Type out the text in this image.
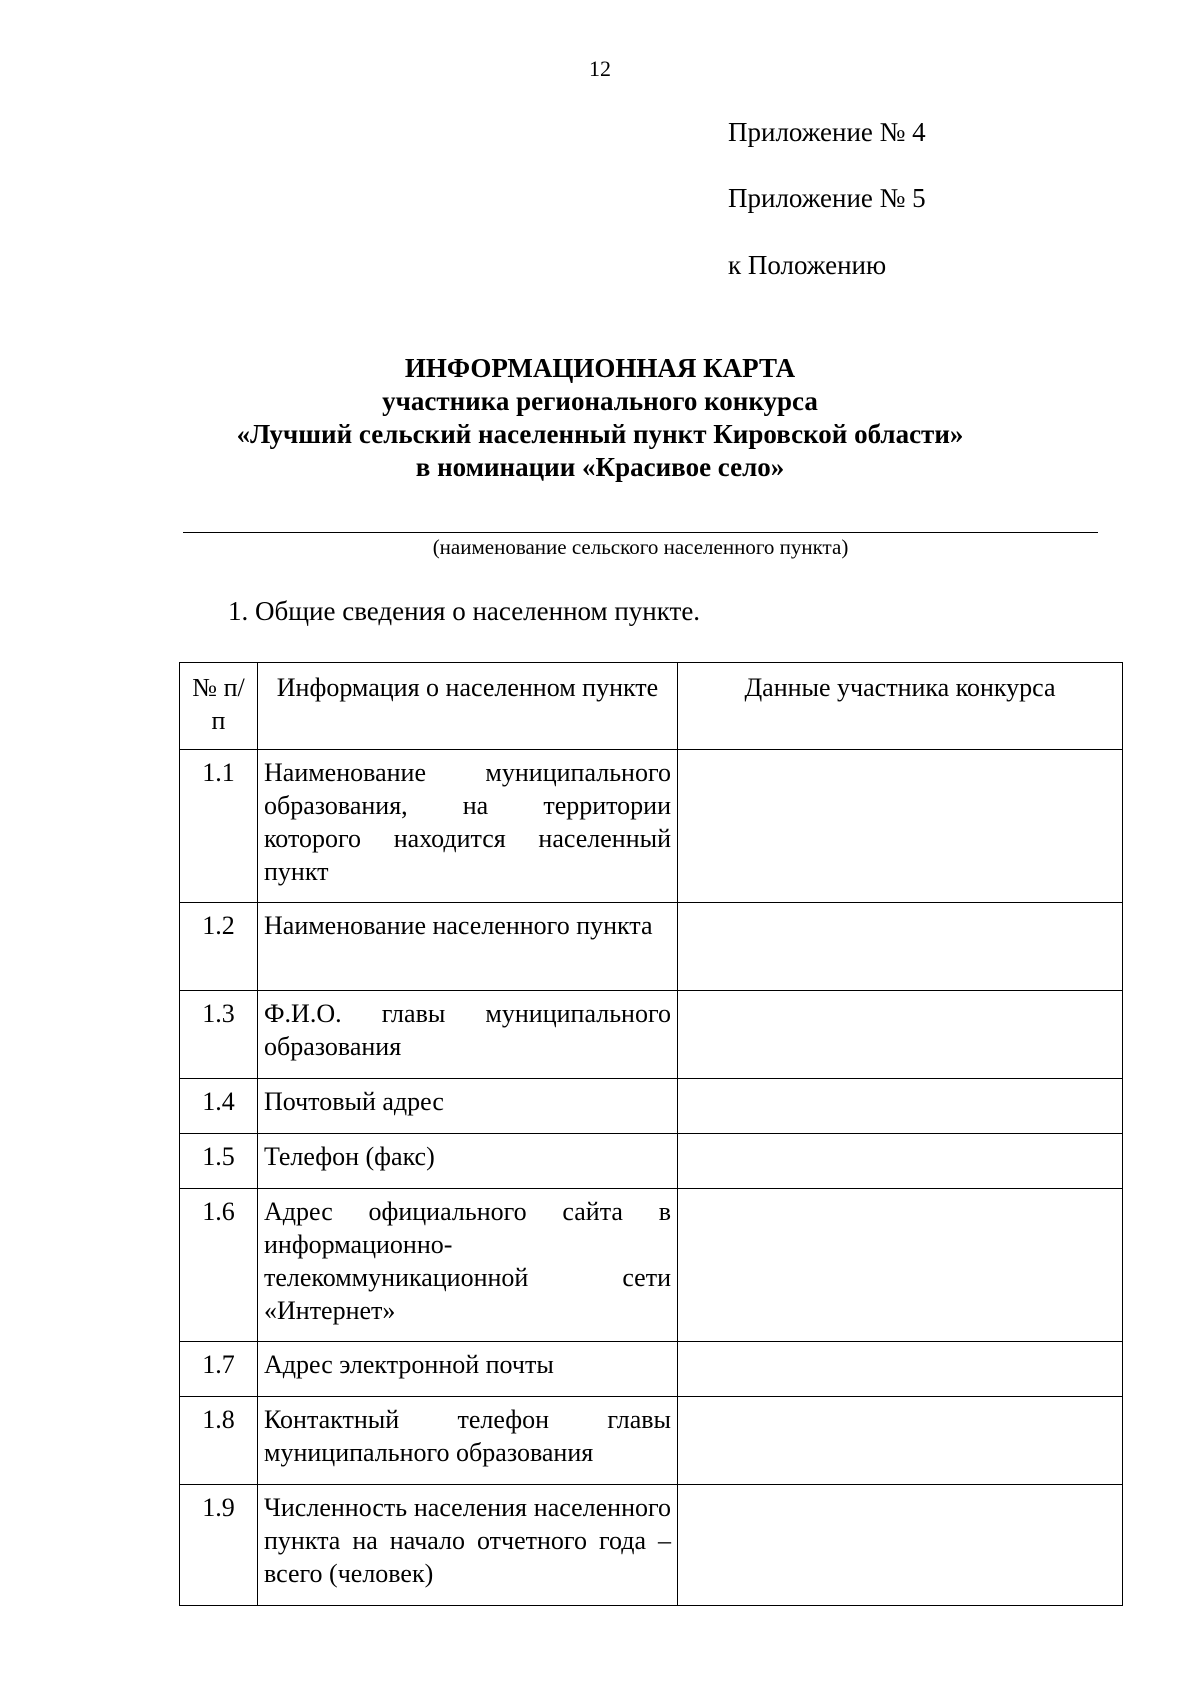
12
Приложение № 4
Приложение № 5
к Положению
ИНФОРМАЦИОННАЯ КАРТА
участника регионального конкурса
«Лучший сельский населенный пункт Кировской области»
в номинации «Красивое село»
(наименование сельского населенного пункта)
1. Общие сведения о населенном пункте.
№ п/п	Информация о населенном пункте	Данные участника конкурса
1.1	Наименование муниципального образования, на территории которого находится населенный пункт	
1.2	Наименование населенного пункта	
1.3	Ф.И.О. главы муниципального образования	
1.4	Почтовый адрес	
1.5	Телефон (факс)	
1.6	Адрес официального сайта в информационно-телекоммуникационной сети «Интернет»	
1.7	Адрес электронной почты	
1.8	Контактный телефон главы муниципального образования	
1.9	Численность населения населенного пункта на начало отчетного года – всего (человек)	
